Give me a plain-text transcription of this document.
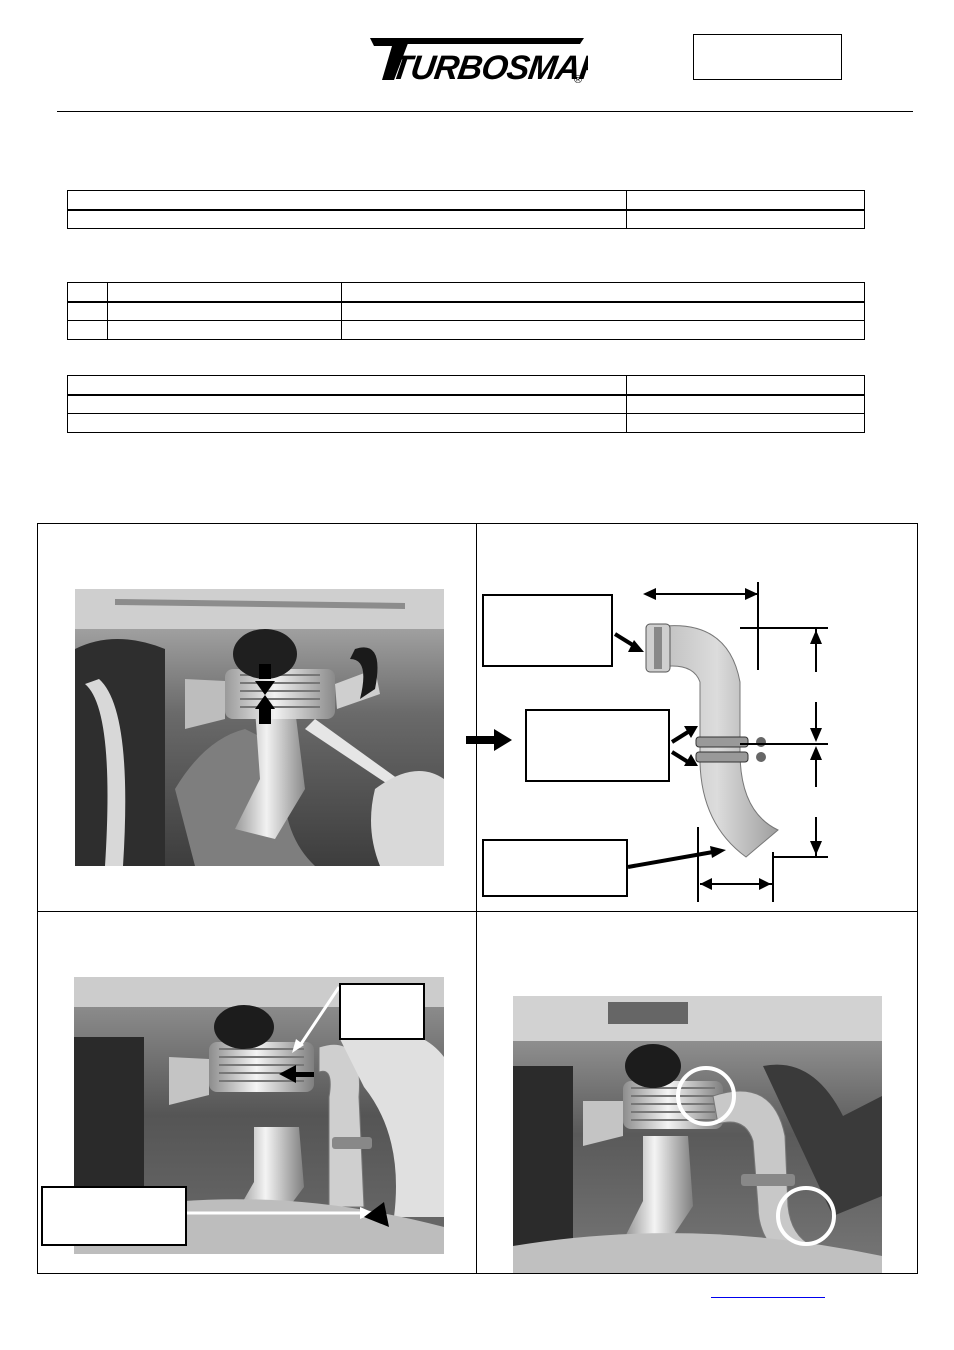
TURBOSMART
®
